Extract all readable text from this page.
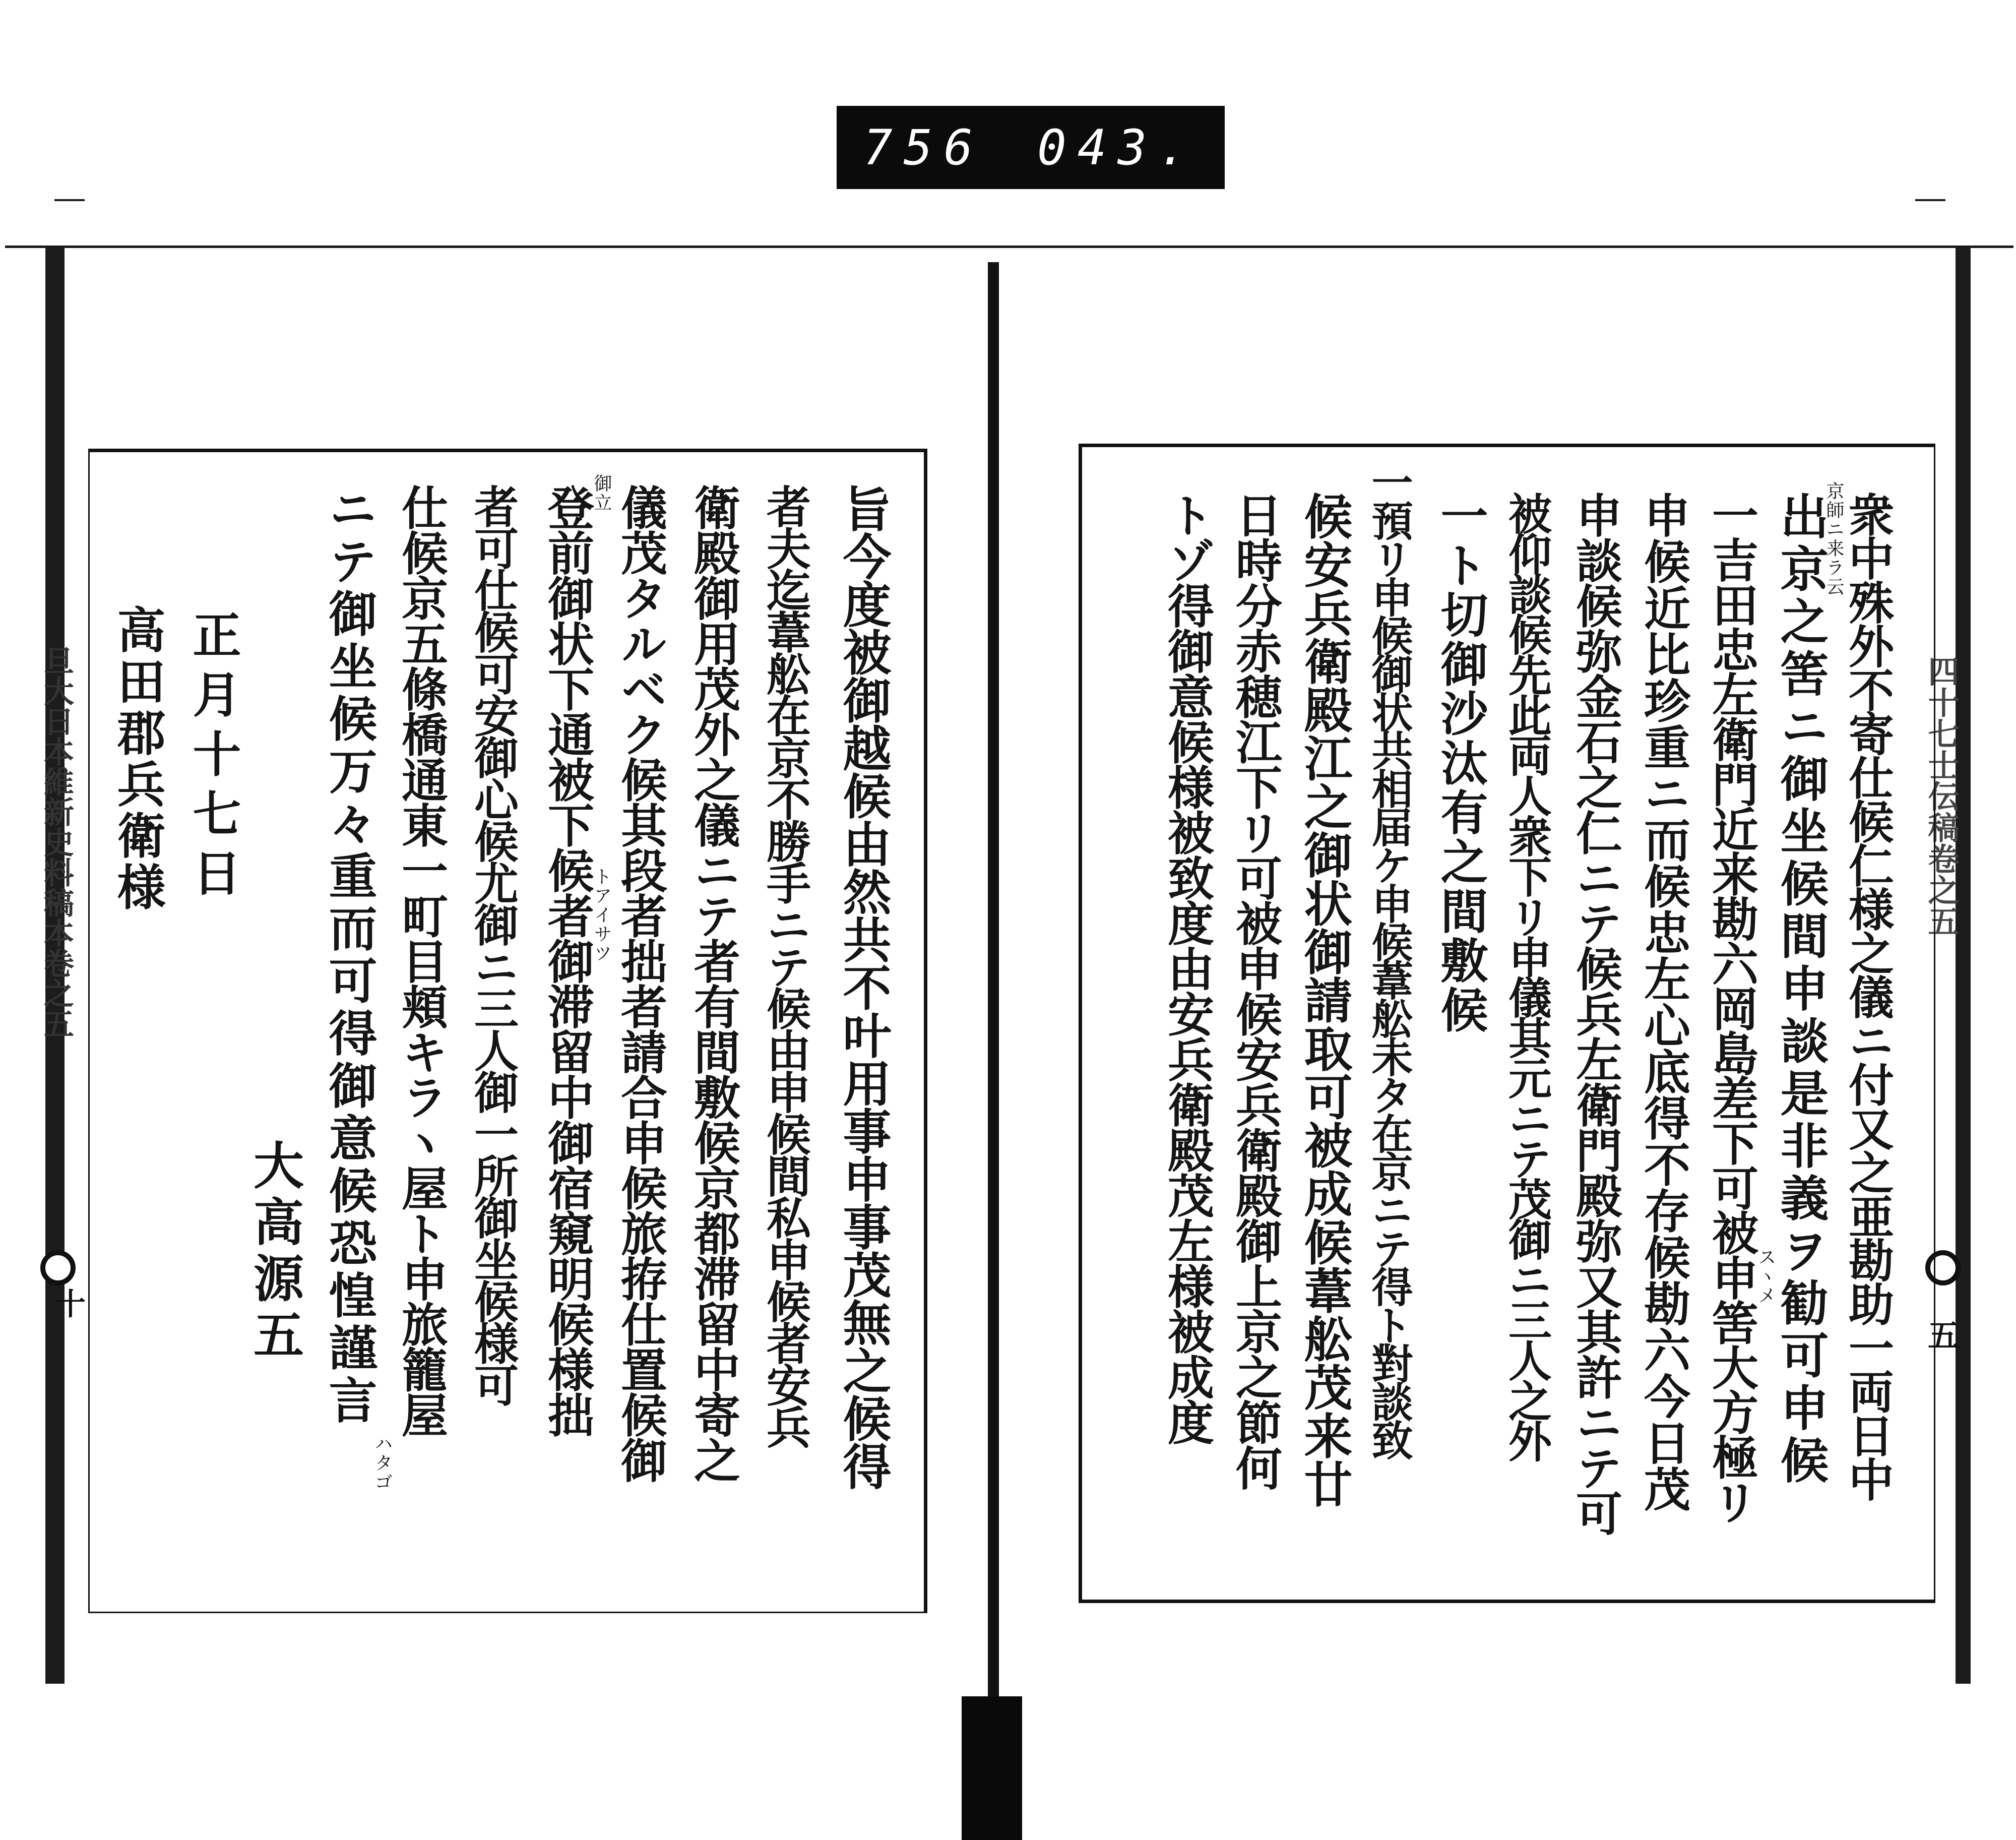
756 043.
旦大日本維新史料稿本卷之五
十
四十七士伝稿卷之五
五
旨今度被御越候由然共不叶用事申事茂無之候得
者夫迄葦舩在京不勝手ニテ候由申候間私申候者安兵
衛殿御用茂外之儀ニテ者有間敷候京都滞留中寄之
儀茂タルベク候其段者拙者請合申候旅拵仕置候御
登前御状下通被下候者御滞留中御宿窺明候様拙
者可仕候可安御心候尤御ニ三人御一所御坐候様可
仕候京五條橋通東一町目頬キラヽ屋ト申旅籠屋
ニテ御坐候万々重而可得御意候恐惶謹言	御立
トアイサツ
ハタゴ
大高源五
正月十七日
高田郡兵衛様	衆中殊外不寄仕候仁様之儀ニ付又之亜勘助一両日中
出京之筈ニ御坐候間申談是非義ヲ勧可申候
一吉田忠左衛門近来勘六岡島差下可被申筈大方極リ
申候近比珍重ニ而候忠左心底得不存候勘六今日茂
申談候弥金石之仁ニテ候兵左衛門殿弥又其許ニテ可
被仰談候先此両人衆下リ申儀其元ニテ茂御ニ三人之外
一ト切御沙汰有之間敷候
一預リ申候御状共相届ケ申候葦舩未タ在京ニテ得ト對談致
候安兵衛殿江之御状御請取可被成候葦舩茂来廿
日時分赤穂江下リ可被申候安兵衛殿御上京之節何
トゾ得御意候様被致度由安兵衛殿茂左様被成度	京師ニ来ラ云
スヽメ
